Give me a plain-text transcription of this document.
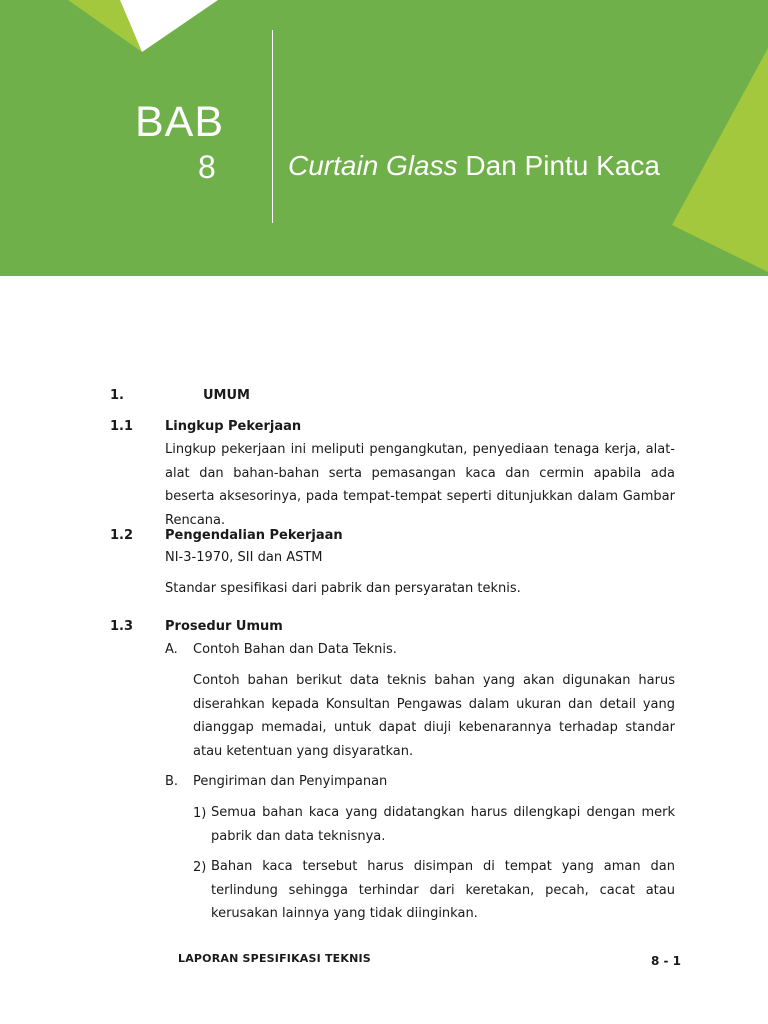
BAB
8	Curtain Glass Dan Pintu Kaca
1.	UMUM
1.1 Lingkup Pekerjaan
Lingkup pekerjaan ini meliputi pengangkutan, penyediaan tenaga kerja, alat-alat dan bahan-bahan serta pemasangan kaca dan cermin apabila ada beserta aksesorinya, pada tempat-tempat seperti ditunjukkan dalam Gambar Rencana.
1.2 Pengendalian Pekerjaan
NI-3-1970, SII dan ASTM
Standar spesifikasi dari pabrik dan persyaratan teknis.
1.3 Prosedur Umum
A. Contoh Bahan dan Data Teknis.
Contoh bahan berikut data teknis bahan yang akan digunakan harus diserahkan kepada Konsultan Pengawas dalam ukuran dan detail yang dianggap memadai, untuk dapat diuji kebenarannya terhadap standar atau ketentuan yang disyaratkan.
B. Pengiriman dan Penyimpanan
1) Semua bahan kaca yang didatangkan harus dilengkapi dengan merk pabrik dan data teknisnya.
2) Bahan kaca tersebut harus disimpan di tempat yang aman dan terlindung sehingga terhindar dari keretakan, pecah, cacat atau kerusakan lainnya yang tidak diinginkan.
LAPORAN SPESIFIKASI TEKNIS	8 - 1
